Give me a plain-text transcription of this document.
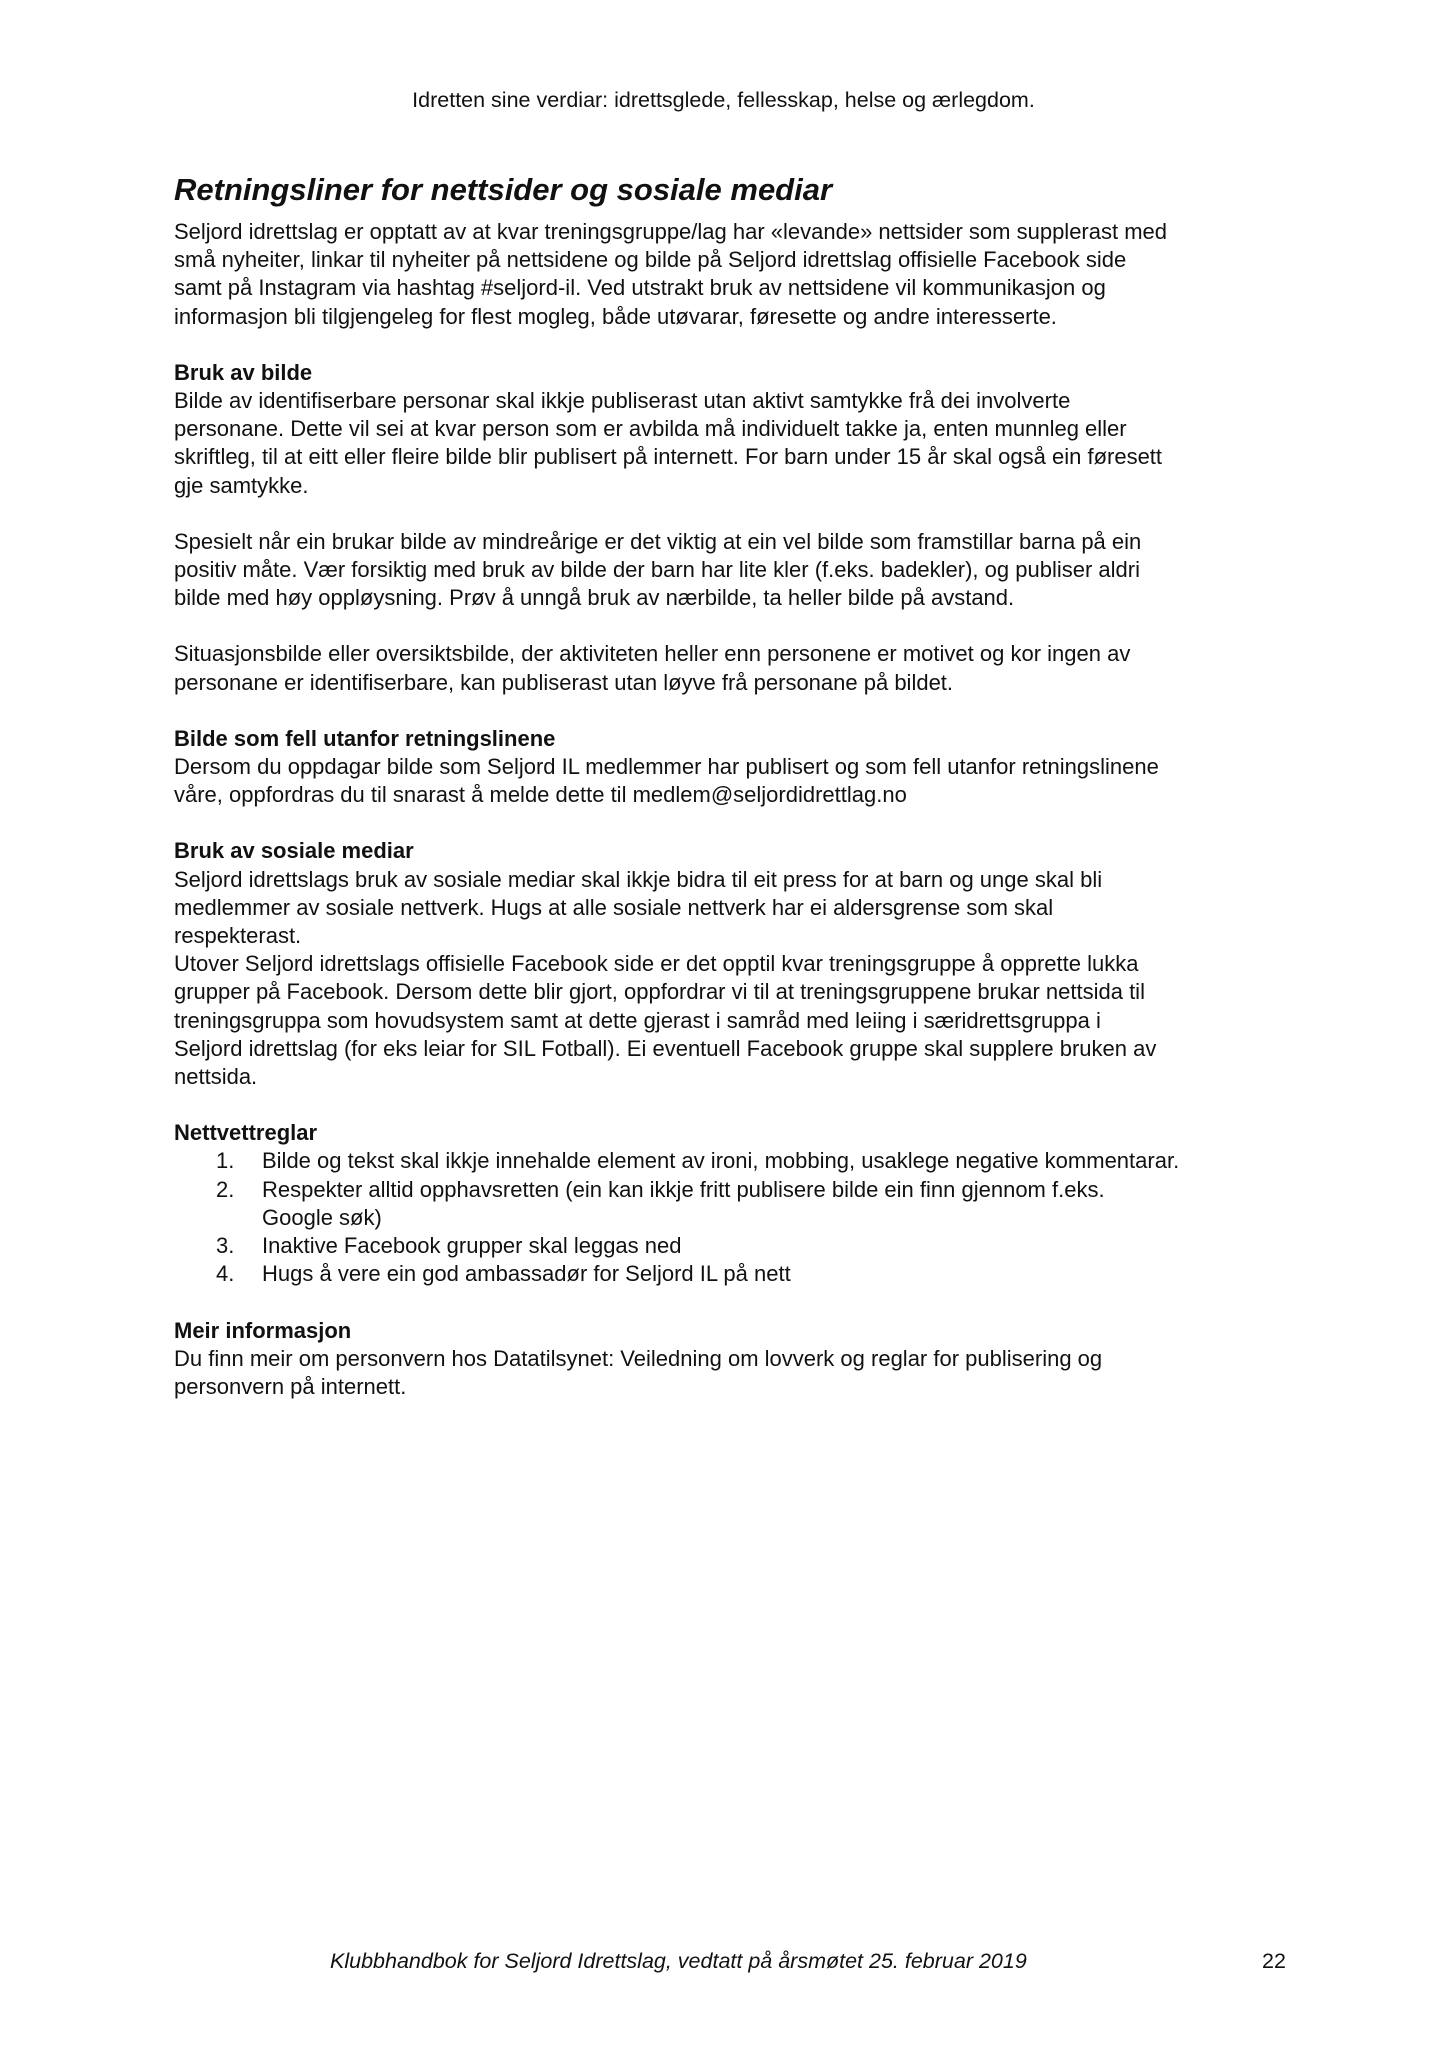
Idretten sine verdiar: idrettsglede, fellesskap, helse og ærlegdom.
Retningsliner for nettsider og sosiale mediar
Seljord idrettslag er opptatt av at kvar treningsgruppe/lag har «levande» nettsider som supplerast med
små nyheiter, linkar til nyheiter på nettsidene og bilde på Seljord idrettslag offisielle Facebook side
samt på Instagram via hashtag #seljord-il. Ved utstrakt bruk av nettsidene vil kommunikasjon og
informasjon bli tilgjengeleg for flest mogleg, både utøvarar, føresette og andre interesserte.
Bruk av bilde
Bilde av identifiserbare personar skal ikkje publiserast utan aktivt samtykke frå dei involverte
personane. Dette vil sei at kvar person som er avbilda må individuelt takke ja, enten munnleg eller
skriftleg, til at eitt eller fleire bilde blir publisert på internett. For barn under 15 år skal også ein føresett
gje samtykke.
Spesielt når ein brukar bilde av mindreårige er det viktig at ein vel bilde som framstillar barna på ein
positiv måte. Vær forsiktig med bruk av bilde der barn har lite kler (f.eks. badekler), og publiser aldri
bilde med høy oppløysning. Prøv å unngå bruk av nærbilde, ta heller bilde på avstand.
Situasjonsbilde eller oversiktsbilde, der aktiviteten heller enn personene er motivet og kor ingen av
personane er identifiserbare, kan publiserast utan løyve frå personane på bildet.
Bilde som fell utanfor retningslinene
Dersom du oppdagar bilde som Seljord IL medlemmer har publisert og som fell utanfor retningslinene
våre, oppfordras du til snarast å melde dette til medlem@seljordidrettlag.no
Bruk av sosiale mediar
Seljord idrettslags bruk av sosiale mediar skal ikkje bidra til eit press for at barn og unge skal bli
medlemmer av sosiale nettverk. Hugs at alle sosiale nettverk har ei aldersgrense som skal
respekterast.
Utover Seljord idrettslags offisielle Facebook side er det opptil kvar treningsgruppe å opprette lukka
grupper på Facebook. Dersom dette blir gjort, oppfordrar vi til at treningsgruppene brukar nettsida til
treningsgruppa som hovudsystem samt at dette gjerast i samråd med leiing i særidrettsgruppa i
Seljord idrettslag (for eks leiar for SIL Fotball). Ei eventuell Facebook gruppe skal supplere bruken av
nettsida.
Nettvettreglar
1. Bilde og tekst skal ikkje innehalde element av ironi, mobbing, usaklege negative kommentarar.
2. Respekter alltid opphavsretten (ein kan ikkje fritt publisere bilde ein finn gjennom f.eks.
Google søk)
3. Inaktive Facebook grupper skal leggas ned
4. Hugs å vere ein god ambassadør for Seljord IL på nett
Meir informasjon
Du finn meir om personvern hos Datatilsynet: Veiledning om lovverk og reglar for publisering og
personvern på internett.
Klubbhandbok for Seljord Idrettslag, vedtatt på årsmøtet 25. februar 2019	22
